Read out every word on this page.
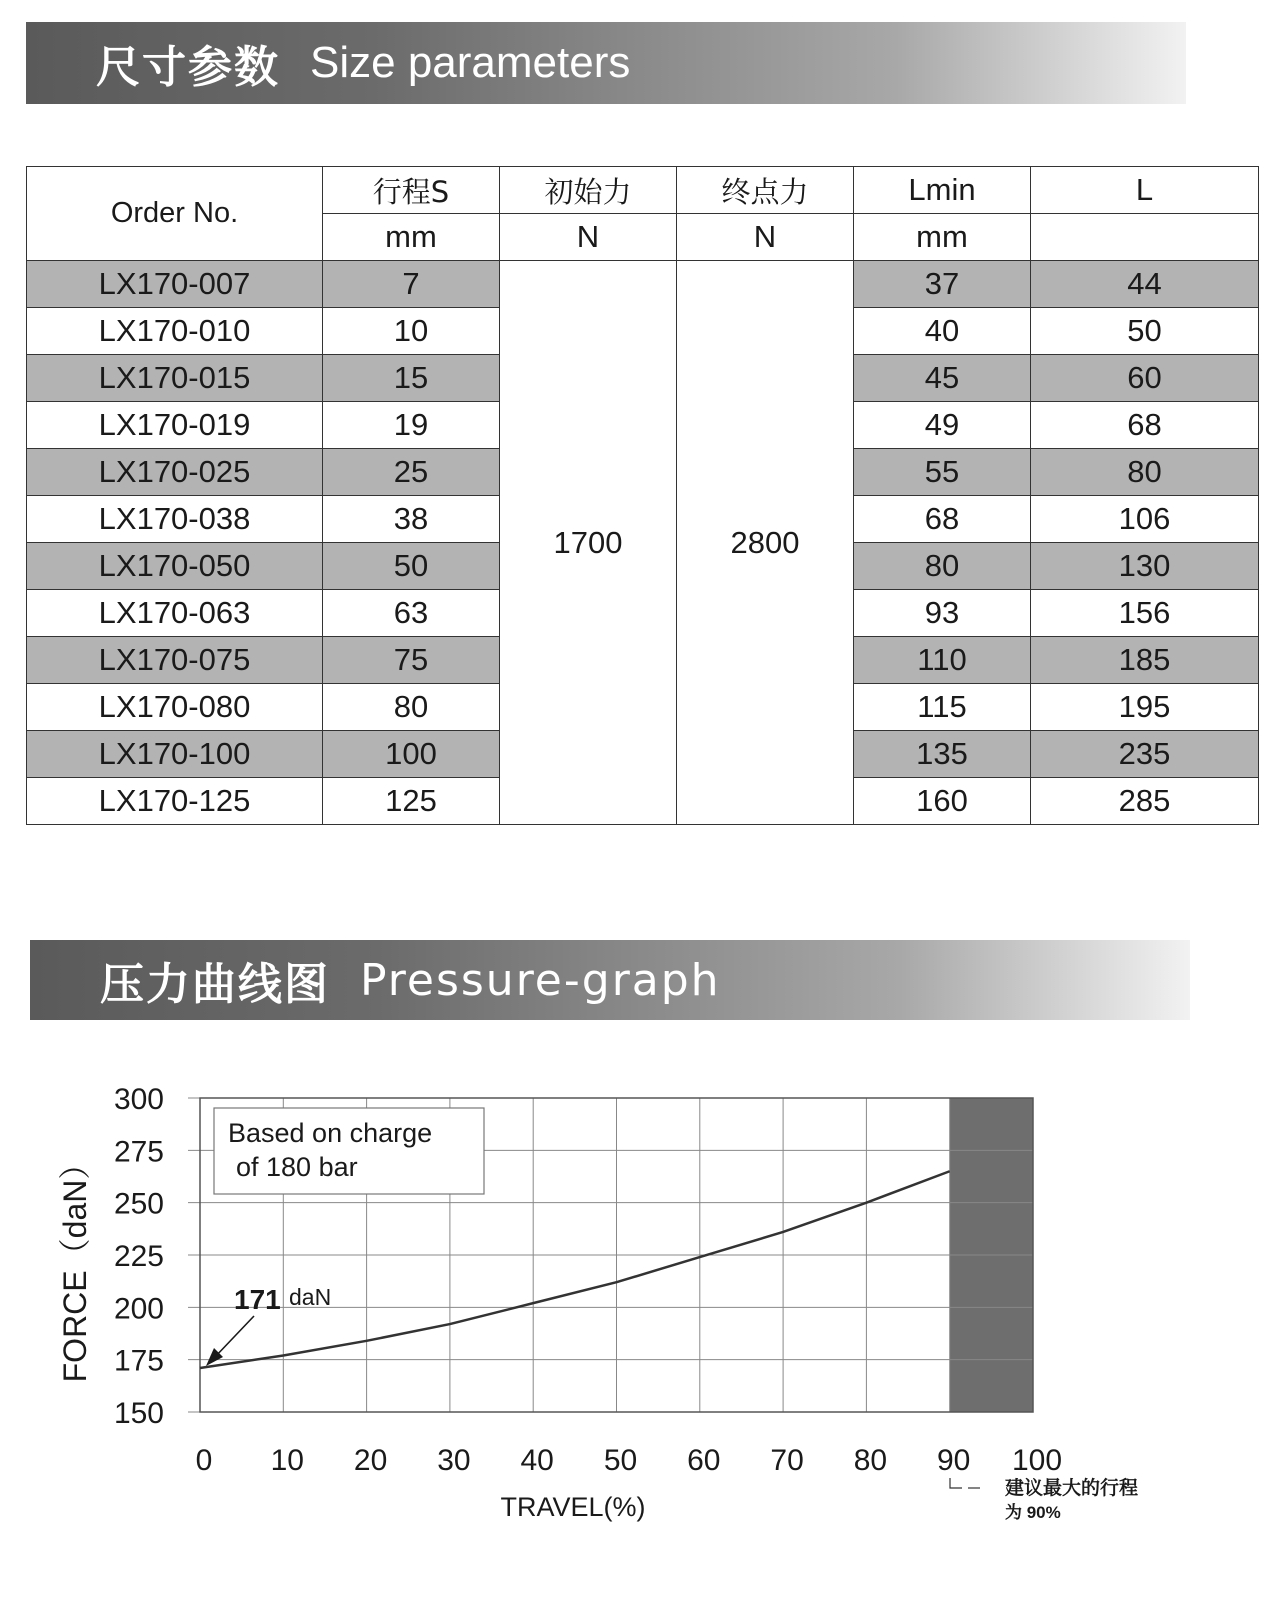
尺寸参数 Size parameters
Order No.	行程S	初始力	终点力	Lmin	L
	mm	N	N	mm	
LX170-007	7	1700	2800	37	44
LX170-010	10			40	50
LX170-015	15			45	60
LX170-019	19			49	68
LX170-025	25			55	80
LX170-038	38			68	106
LX170-050	50			80	130
LX170-063	63			93	156
LX170-075	75			110	185
LX170-080	80			115	195
LX170-100	100			135	235
LX170-125	125			160	285
压力曲线图 Pressure-graph
0 10 20 30 40 50 60 70 80 90 100
150
175
200
225
250
275
300
TRAVEL(%)
FORCE（daN）
Based on charge
of 180 bar
171 daN
建议最大的行程
为 90%
